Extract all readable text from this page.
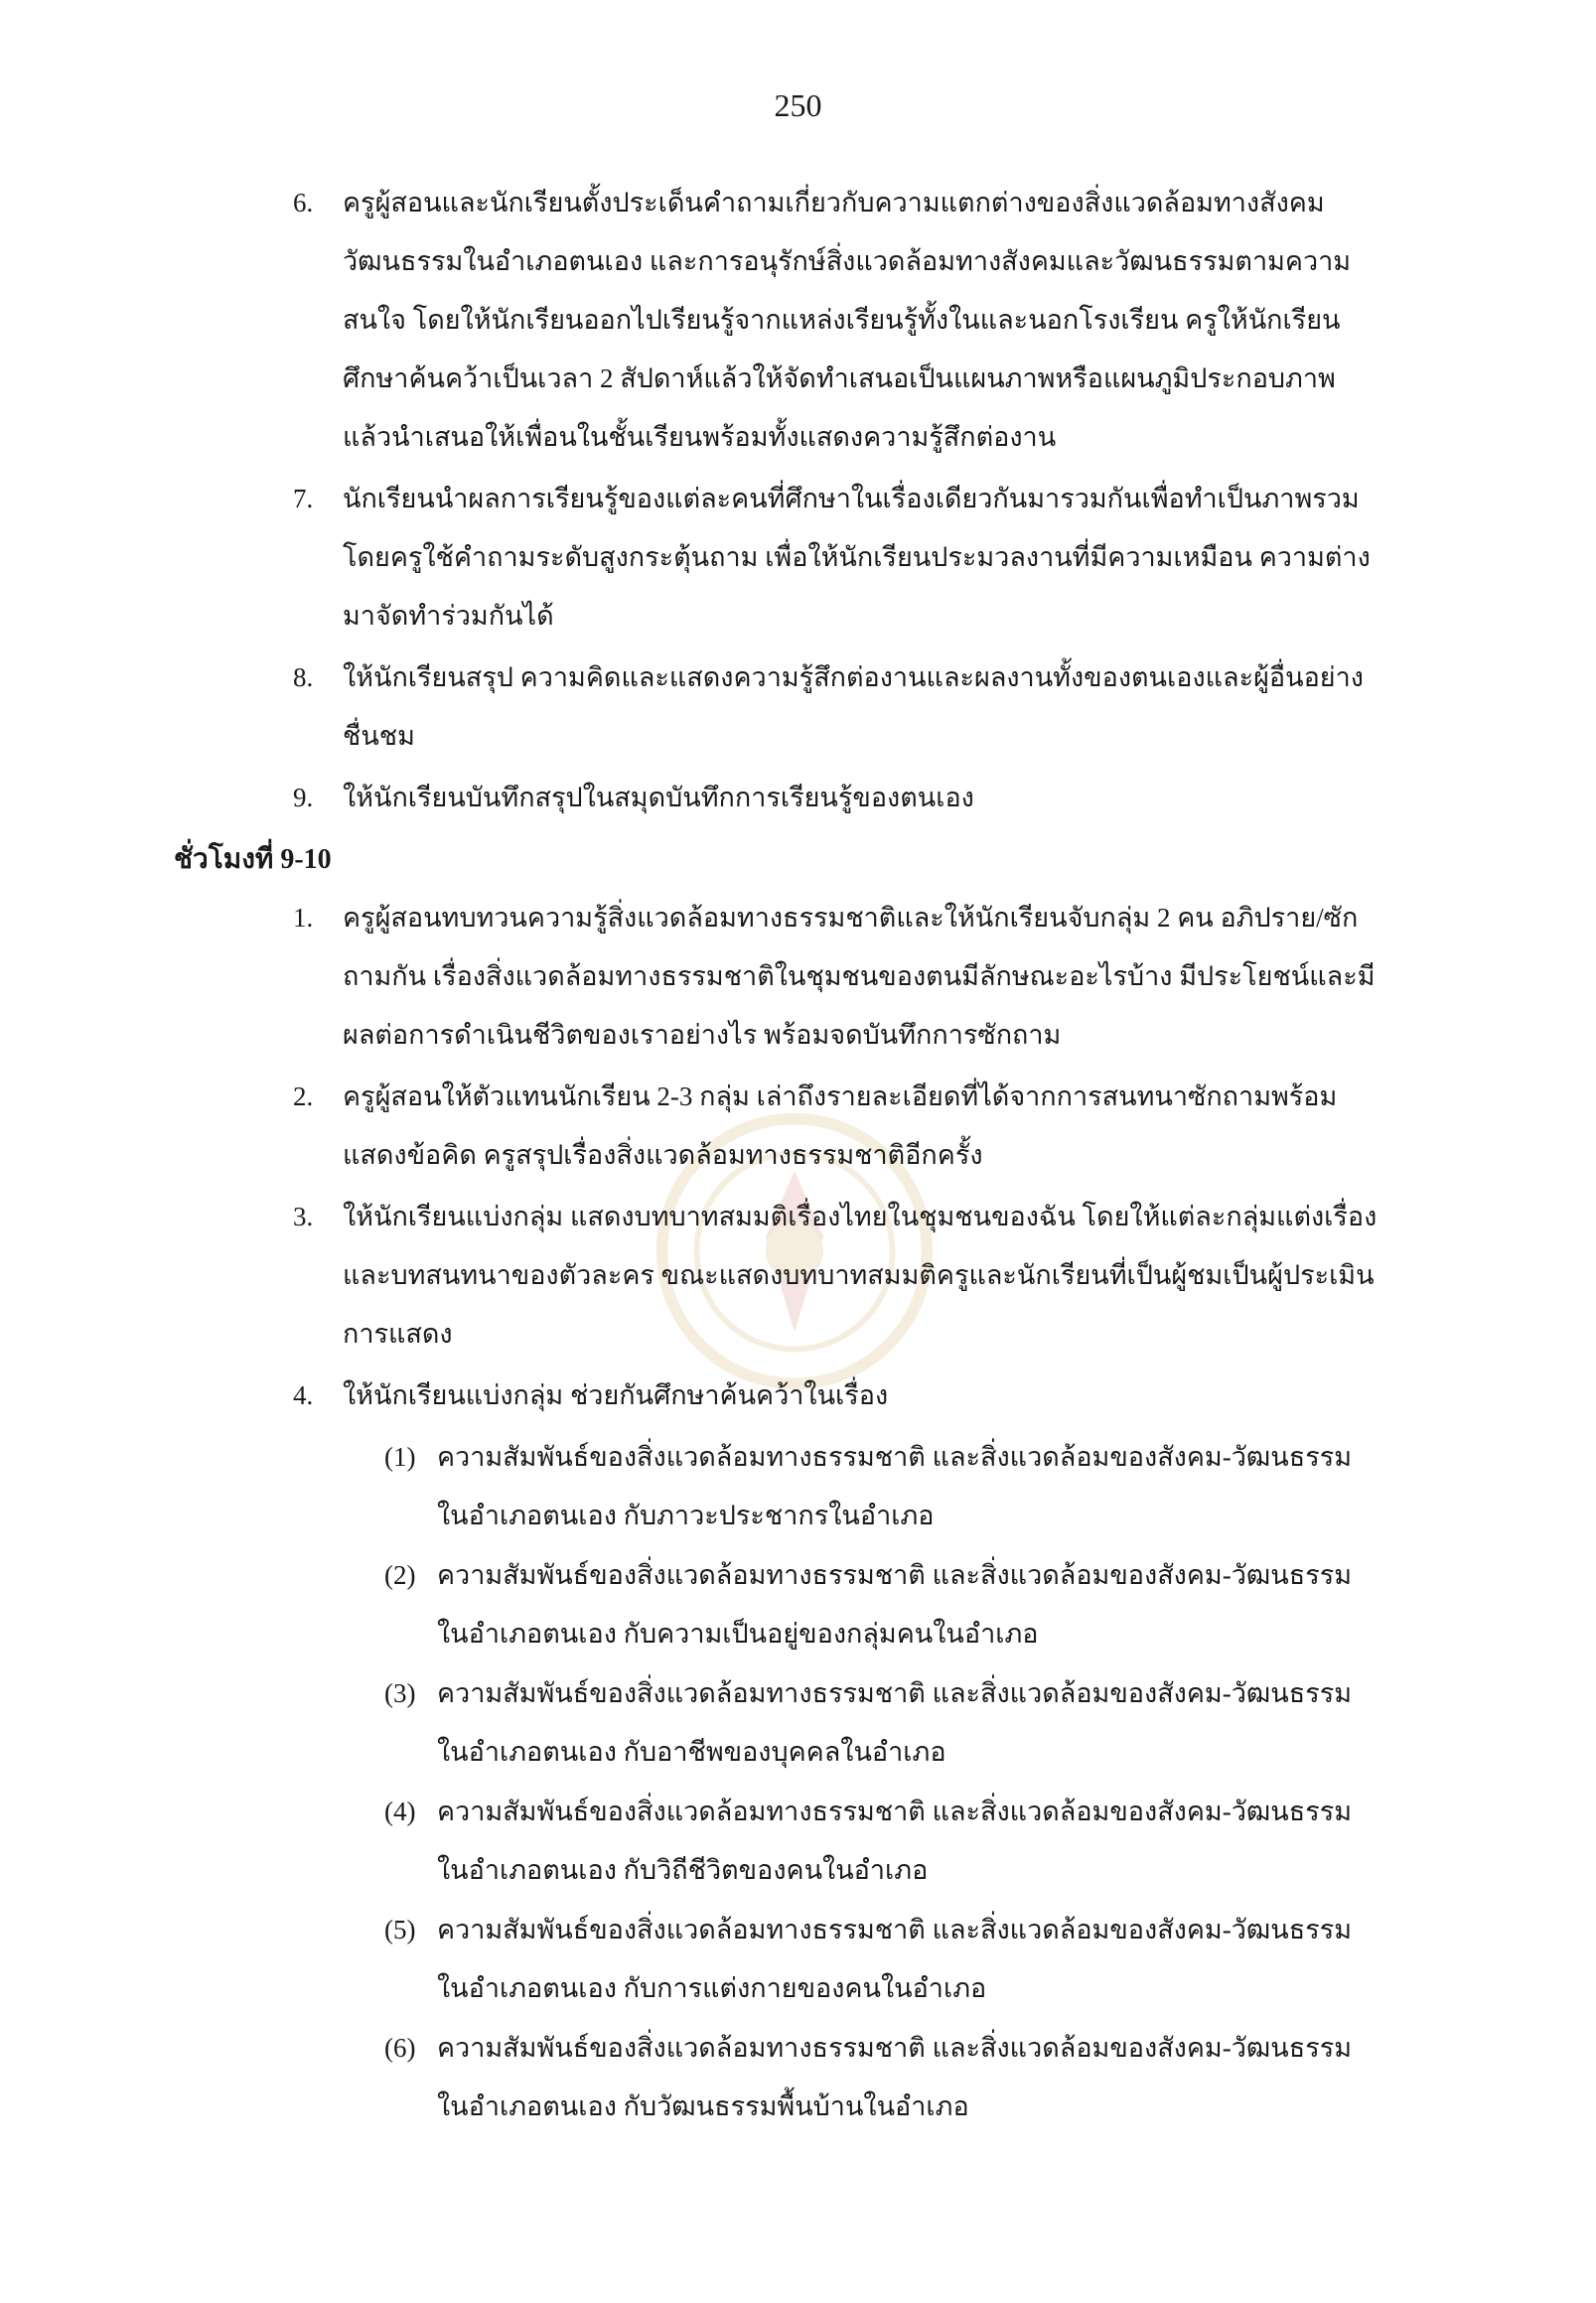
250
6. ครูผู้สอนและนักเรียนตั้งประเด็นคำถามเกี่ยวกับความแตกต่างของสิ่งแวดล้อมทางสังคม วัฒนธรรมในอำเภอตนเอง และการอนุรักษ์สิ่งแวดล้อมทางสังคมและวัฒนธรรมตามความสนใจ โดยให้นักเรียนออกไปเรียนรู้จากแหล่งเรียนรู้ทั้งในและนอกโรงเรียน ครูให้นักเรียนศึกษาค้นคว้าเป็นเวลา 2 สัปดาห์แล้วให้จัดทำเสนอเป็นแผนภาพหรือแผนภูมิประกอบภาพแล้วนำเสนอให้เพื่อนในชั้นเรียนพร้อมทั้งแสดงความรู้สึกต่องาน
7. นักเรียนนำผลการเรียนรู้ของแต่ละคนที่ศึกษาในเรื่องเดียวกันมารวมกันเพื่อทำเป็นภาพรวม โดยครูใช้คำถามระดับสูงกระตุ้นถาม เพื่อให้นักเรียนประมวลงานที่มีความเหมือน ความต่างมาจัดทำร่วมกันได้
8. ให้นักเรียนสรุป ความคิดและแสดงความรู้สึกต่องานและผลงานทั้งของตนเองและผู้อื่นอย่างชื่นชม
9. ให้นักเรียนบันทึกสรุปในสมุดบันทึกการเรียนรู้ของตนเอง
ชั่วโมงที่ 9-10
1. ครูผู้สอนทบทวนความรู้สิ่งแวดล้อมทางธรรมชาติและให้นักเรียนจับกลุ่ม 2 คน อภิปราย/ซักถามกัน เรื่องสิ่งแวดล้อมทางธรรมชาติในชุมชนของตนมีลักษณะอะไรบ้าง มีประโยชน์และมีผลต่อการดำเนินชีวิตของเราอย่างไร พร้อมจดบันทึกการซักถาม
2. ครูผู้สอนให้ตัวแทนนักเรียน 2-3 กลุ่ม เล่าถึงรายละเอียดที่ได้จากการสนทนาซักถามพร้อมแสดงข้อคิด ครูสรุปเรื่องสิ่งแวดล้อมทางธรรมชาติอีกครั้ง
3. ให้นักเรียนแบ่งกลุ่ม แสดงบทบาทสมมติเรื่องไทยในชุมชนของฉัน โดยให้แต่ละกลุ่มแต่งเรื่องและบทสนทนาของตัวละคร ขณะแสดงบทบาทสมมติครูและนักเรียนที่เป็นผู้ชมเป็นผู้ประเมินการแสดง
4. ให้นักเรียนแบ่งกลุ่ม ช่วยกันศึกษาค้นคว้าในเรื่อง
(1) ความสัมพันธ์ของสิ่งแวดล้อมทางธรรมชาติ และสิ่งแวดล้อมของสังคม-วัฒนธรรมในอำเภอตนเอง กับภาวะประชากรในอำเภอ
(2) ความสัมพันธ์ของสิ่งแวดล้อมทางธรรมชาติ และสิ่งแวดล้อมของสังคม-วัฒนธรรมในอำเภอตนเอง กับความเป็นอยู่ของกลุ่มคนในอำเภอ
(3) ความสัมพันธ์ของสิ่งแวดล้อมทางธรรมชาติ และสิ่งแวดล้อมของสังคม-วัฒนธรรมในอำเภอตนเอง กับอาชีพของบุคคลในอำเภอ
(4) ความสัมพันธ์ของสิ่งแวดล้อมทางธรรมชาติ และสิ่งแวดล้อมของสังคม-วัฒนธรรมในอำเภอตนเอง กับวิถีชีวิตของคนในอำเภอ
(5) ความสัมพันธ์ของสิ่งแวดล้อมทางธรรมชาติ และสิ่งแวดล้อมของสังคม-วัฒนธรรมในอำเภอตนเอง กับการแต่งกายของคนในอำเภอ
(6) ความสัมพันธ์ของสิ่งแวดล้อมทางธรรมชาติ และสิ่งแวดล้อมของสังคม-วัฒนธรรมในอำเภอตนเอง กับวัฒนธรรมพื้นบ้านในอำเภอ
